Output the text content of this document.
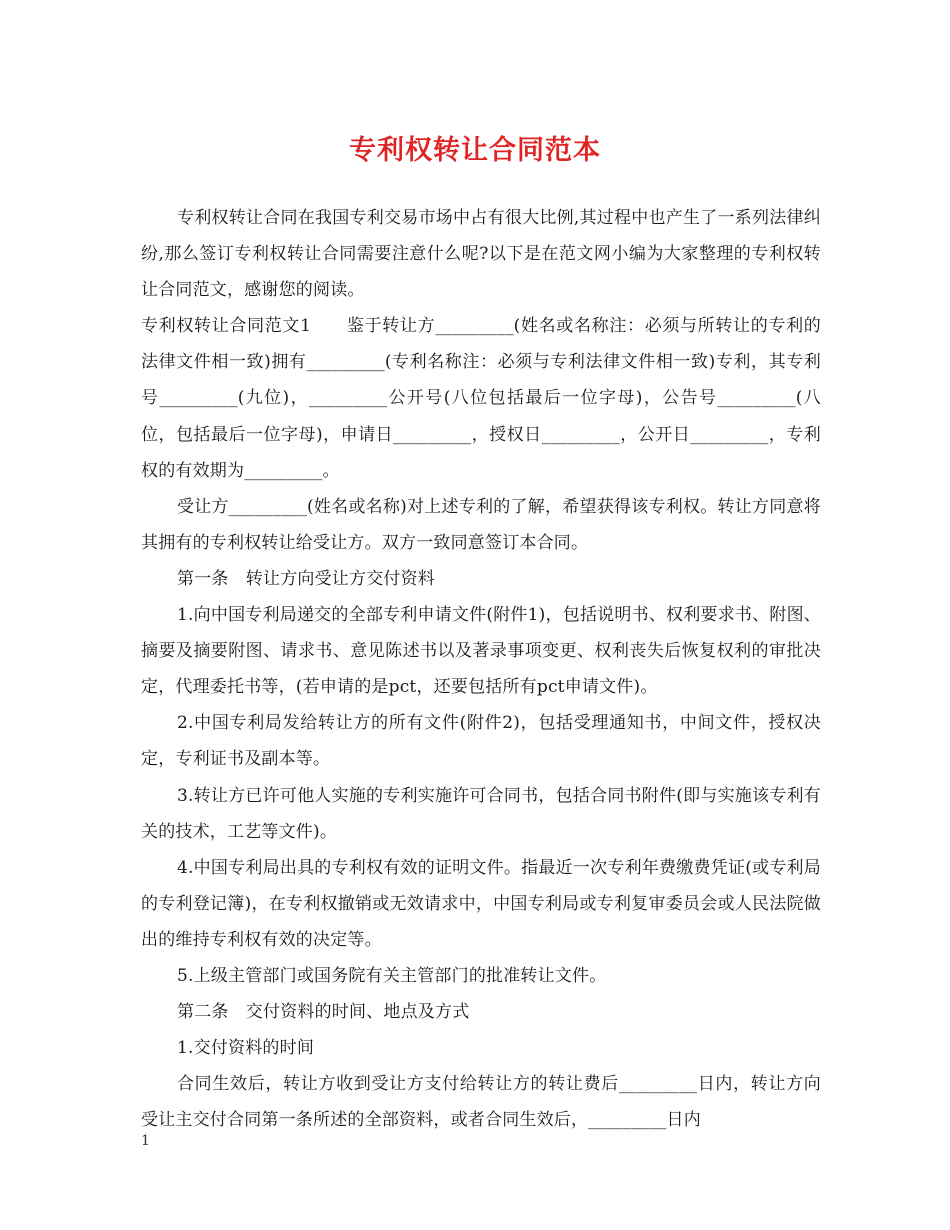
专利权转让合同范本

专利权转让合同在我国专利交易市场中占有很大比例,其过程中也产生了一系列法律纠纷,那么签订专利权转让合同需要注意什么呢?以下是在范文网小编为大家整理的专利权转让合同范文，感谢您的阅读。

专利权转让合同范文1　　鉴于转让方_________(姓名或名称注：必须与所转让的专利的法律文件相一致)拥有_________(专利名称注：必须与专利法律文件相一致)专利，其专利号_________(九位)，_________公开号(八位包括最后一位字母)，公告号_________(八位，包括最后一位字母)，申请日_________，授权日_________，公开日_________，专利权的有效期为_________。

受让方_________(姓名或名称)对上述专利的了解，希望获得该专利权。转让方同意将其拥有的专利权转让给受让方。双方一致同意签订本合同。

第一条　转让方向受让方交付资料

1.向中国专利局递交的全部专利申请文件(附件1)，包括说明书、权利要求书、附图、摘要及摘要附图、请求书、意见陈述书以及著录事项变更、权利丧失后恢复权利的审批决定，代理委托书等，(若申请的是pct，还要包括所有pct申请文件)。

2.中国专利局发给转让方的所有文件(附件2)，包括受理通知书，中间文件，授权决定，专利证书及副本等。

3.转让方已许可他人实施的专利实施许可合同书，包括合同书附件(即与实施该专利有关的技术，工艺等文件)。

4.中国专利局出具的专利权有效的证明文件。指最近一次专利年费缴费凭证(或专利局的专利登记簿)，在专利权撤销或无效请求中，中国专利局或专利复审委员会或人民法院做出的维持专利权有效的决定等。

5.上级主管部门或国务院有关主管部门的批准转让文件。

第二条　交付资料的时间、地点及方式

1.交付资料的时间

合同生效后，转让方收到受让方支付给转让方的转让费后_________日内，转让方向受让主交付合同第一条所述的全部资料，或者合同生效后，_________日内

1
